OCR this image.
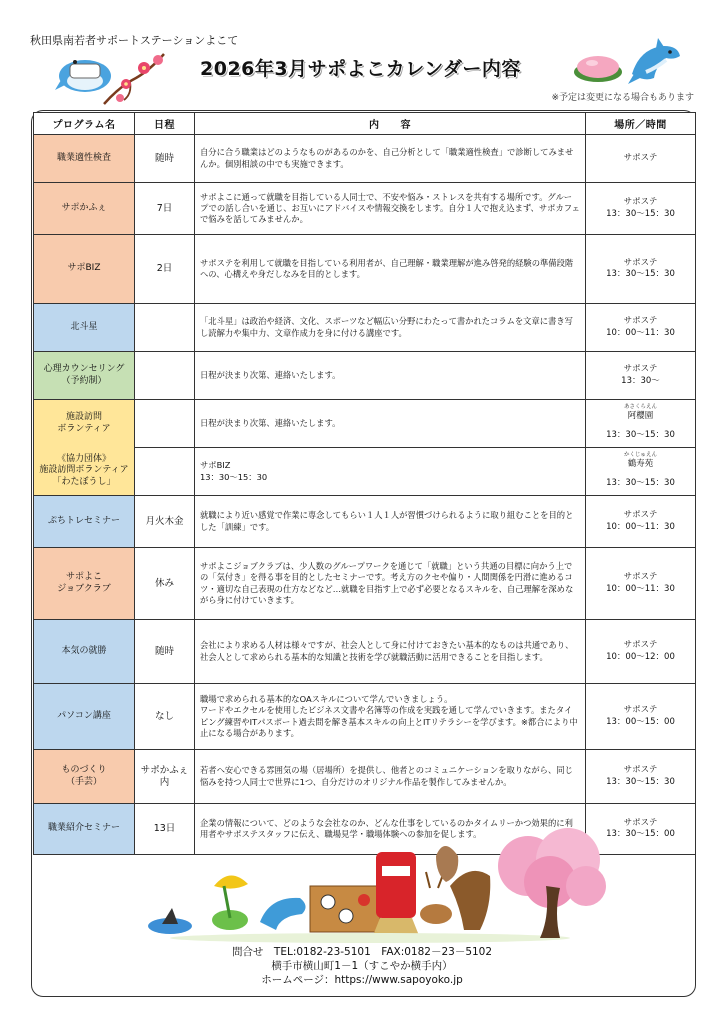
秋田県南若者サポートステーションよこて
2026年3月サポよこカレンダー内容
※予定は変更になる場合もあります
プログラム名	日程	内　　容	場所／時間
職業適性検査	随時	自分に合う職業はどのようなものがあるのかを、自己分析として「職業適性検査」で診断してみませんか。個別相談の中でも実施できます。	サポステ

サポかふぇ	7日	サポよこに通って就職を目指している人同士で、不安や悩み・ストレスを共有する場所です。グループでの話し合いを通じ、お互いにアドバイスや情報交換をします。自分１人で抱え込まず、サポカフェで悩みを話してみませんか。	サポステ
13：30～15：30

サポBIZ	2日	サポステを利用して就職を目指している利用者が、自己理解・職業理解が進み啓発的経験の準備段階への、心構えや身だしなみを目的とします。	サポステ
13：30～15：30

北斗星		「北斗星」は政治や経済、文化、スポーツなど幅広い分野にわたって書かれたコラムを文章に書き写し読解力や集中力、文章作成力を身に付ける講座です。	サポステ
10：00～11：30

心理カウンセリング
（予約制）		日程が決まり次第、連絡いたします。	サポステ
13：30～

施設訪問
ボランティア		日程が決まり次第、連絡いたします。	あさくらえん
阿櫻園
13：30～15：30

《協力団体》
施設訪問ボランティア
「わたぼうし」		サポBIZ
13：30～15：30	かくじゅえん
鶴寿苑
13：30～15：30

ぷちトレセミナー	月火木金	就職により近い感覚で作業に専念してもらい１人１人が習慣づけられるように取り組むことを目的とした「訓練」です。	サポステ
10：00～11：30

サポよこ
ジョブクラブ	休み	サポよこジョブクラブは、少人数のグループワークを通じて「就職」という共通の目標に向かう上での「気付き」を得る事を目的としたセミナーです。考え方のクセや偏り・人間関係を円滑に進めるコツ・適切な自己表現の仕方などなど…就職を目指す上で必ず必要となるスキルを、自己理解を深めながら身に付けていきます。	サポステ
10：00～11：30

本気の就勝	随時	会社により求める人材は様々ですが、社会人として身に付けておきたい基本的なものは共通であり、社会人として求められる基本的な知識と技術を学び就職活動に活用できることを目指します。	サポステ
10：00～12：00

パソコン講座	なし	職場で求められる基本的なOAスキルについて学んでいきましょう。
ワードやエクセルを使用したビジネス文書や名簿等の作成を実践を通して学んでいきます。またタイピング練習やITパスポート過去問を解き基本スキルの向上とITリテラシーを学びます。※都合により中止になる場合があります。	サポステ
13：00～15：00

ものづくり
（手芸）	サポかふぇ
内	若者へ安心できる雰囲気の場（居場所）を提供し、他者とのコミュニケーションを取りながら、同じ悩みを持つ人同士で世界に1つ、自分だけのオリジナル作品を製作してみませんか。	サポステ
13：30～15：30

職業紹介セミナー	13日	企業の情報について、どのような会社なのか、どんな仕事をしているのかタイムリーかつ効果的に利用者やサポステスタッフに伝え、職場見学・職場体験への参加を促します。	サポステ
13：30～15：00
問合せ　TEL:0182-23-5101　FAX:0182－23－5102
横手市横山町1－1（すこやか横手内）
ホームページ：https://www.sapoyoko.jp
